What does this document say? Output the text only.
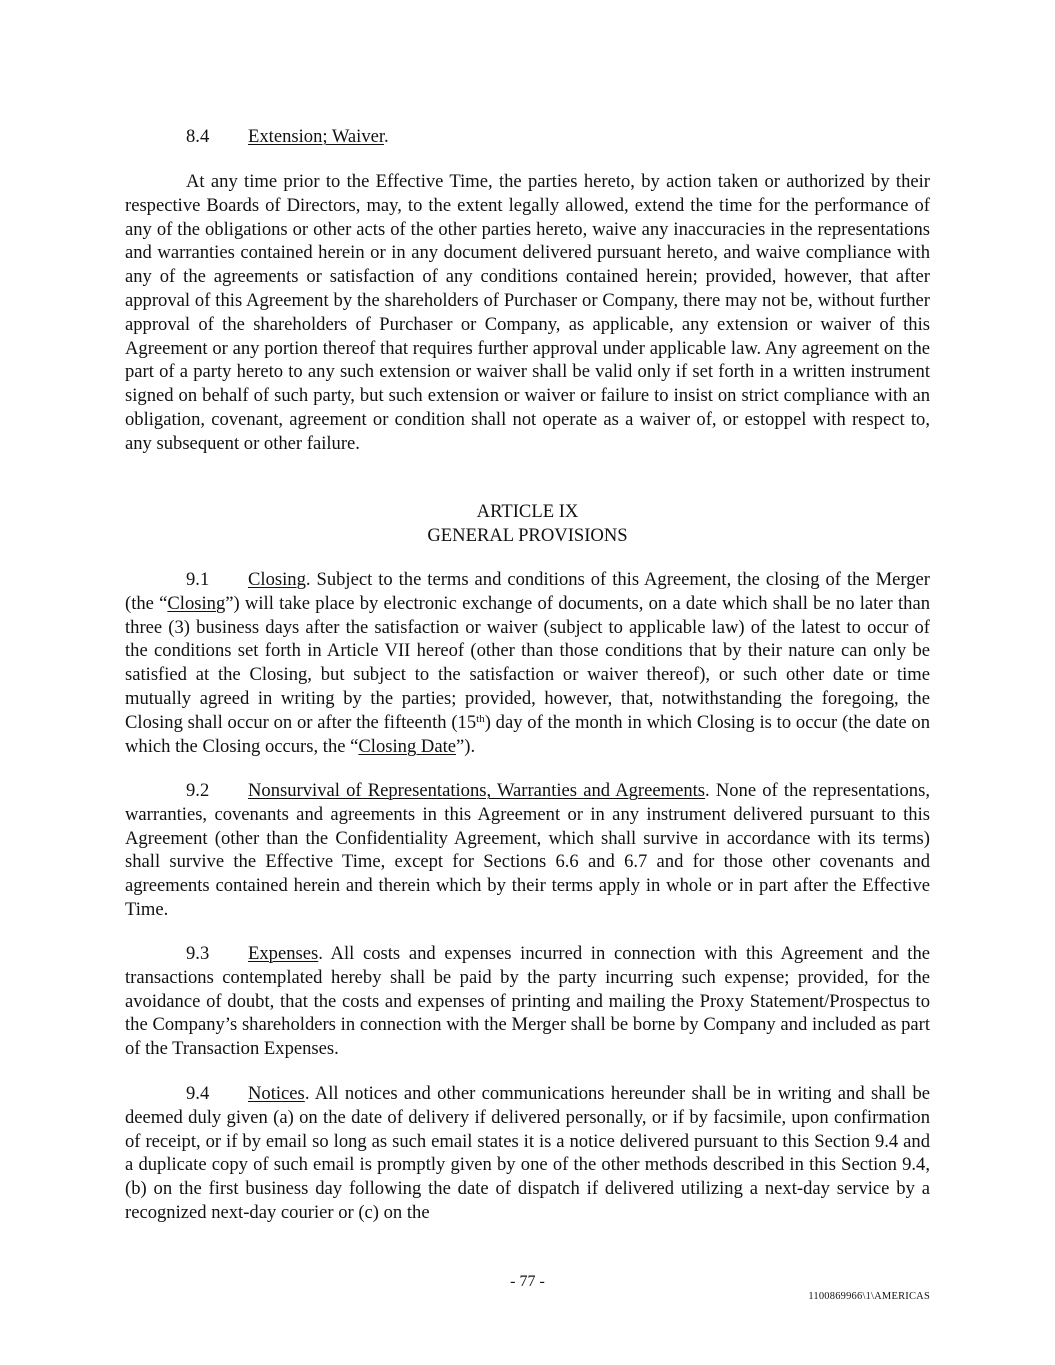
8.4 Extension; Waiver.

At any time prior to the Effective Time, the parties hereto, by action taken or authorized by their respective Boards of Directors, may, to the extent legally allowed, extend the time for the performance of any of the obligations or other acts of the other parties hereto, waive any inaccuracies in the representations and warranties contained herein or in any document delivered pursuant hereto, and waive compliance with any of the agreements or satisfaction of any conditions contained herein; provided, however, that after approval of this Agreement by the shareholders of Purchaser or Company, there may not be, without further approval of the shareholders of Purchaser or Company, as applicable, any extension or waiver of this Agreement or any portion thereof that requires further approval under applicable law. Any agreement on the part of a party hereto to any such extension or waiver shall be valid only if set forth in a written instrument signed on behalf of such party, but such extension or waiver or failure to insist on strict compliance with an obligation, covenant, agreement or condition shall not operate as a waiver of, or estoppel with respect to, any subsequent or other failure.

ARTICLE IX

GENERAL PROVISIONS

9.1 Closing. Subject to the terms and conditions of this Agreement, the closing of the Merger (the “Closing”) will take place by electronic exchange of documents, on a date which shall be no later than three (3) business days after the satisfaction or waiver (subject to applicable law) of the latest to occur of the conditions set forth in Article VII hereof (other than those conditions that by their nature can only be satisfied at the Closing, but subject to the satisfaction or waiver thereof), or such other date or time mutually agreed in writing by the parties; provided, however, that, notwithstanding the foregoing, the Closing shall occur on or after the fifteenth (15th) day of the month in which Closing is to occur (the date on which the Closing occurs, the “Closing Date”).

9.2 Nonsurvival of Representations, Warranties and Agreements. None of the representations, warranties, covenants and agreements in this Agreement or in any instrument delivered pursuant to this Agreement (other than the Confidentiality Agreement, which shall survive in accordance with its terms) shall survive the Effective Time, except for Sections 6.6 and 6.7 and for those other covenants and agreements contained herein and therein which by their terms apply in whole or in part after the Effective Time.

9.3 Expenses. All costs and expenses incurred in connection with this Agreement and the transactions contemplated hereby shall be paid by the party incurring such expense; provided, for the avoidance of doubt, that the costs and expenses of printing and mailing the Proxy Statement/Prospectus to the Company’s shareholders in connection with the Merger shall be borne by Company and included as part of the Transaction Expenses.

9.4 Notices. All notices and other communications hereunder shall be in writing and shall be deemed duly given (a) on the date of delivery if delivered personally, or if by facsimile, upon confirmation of receipt, or if by email so long as such email states it is a notice delivered pursuant to this Section 9.4 and a duplicate copy of such email is promptly given by one of the other methods described in this Section 9.4, (b) on the first business day following the date of dispatch if delivered utilizing a next-day service by a recognized next-day courier or (c) on the

- 77 -

1100869966\1\AMERICAS
